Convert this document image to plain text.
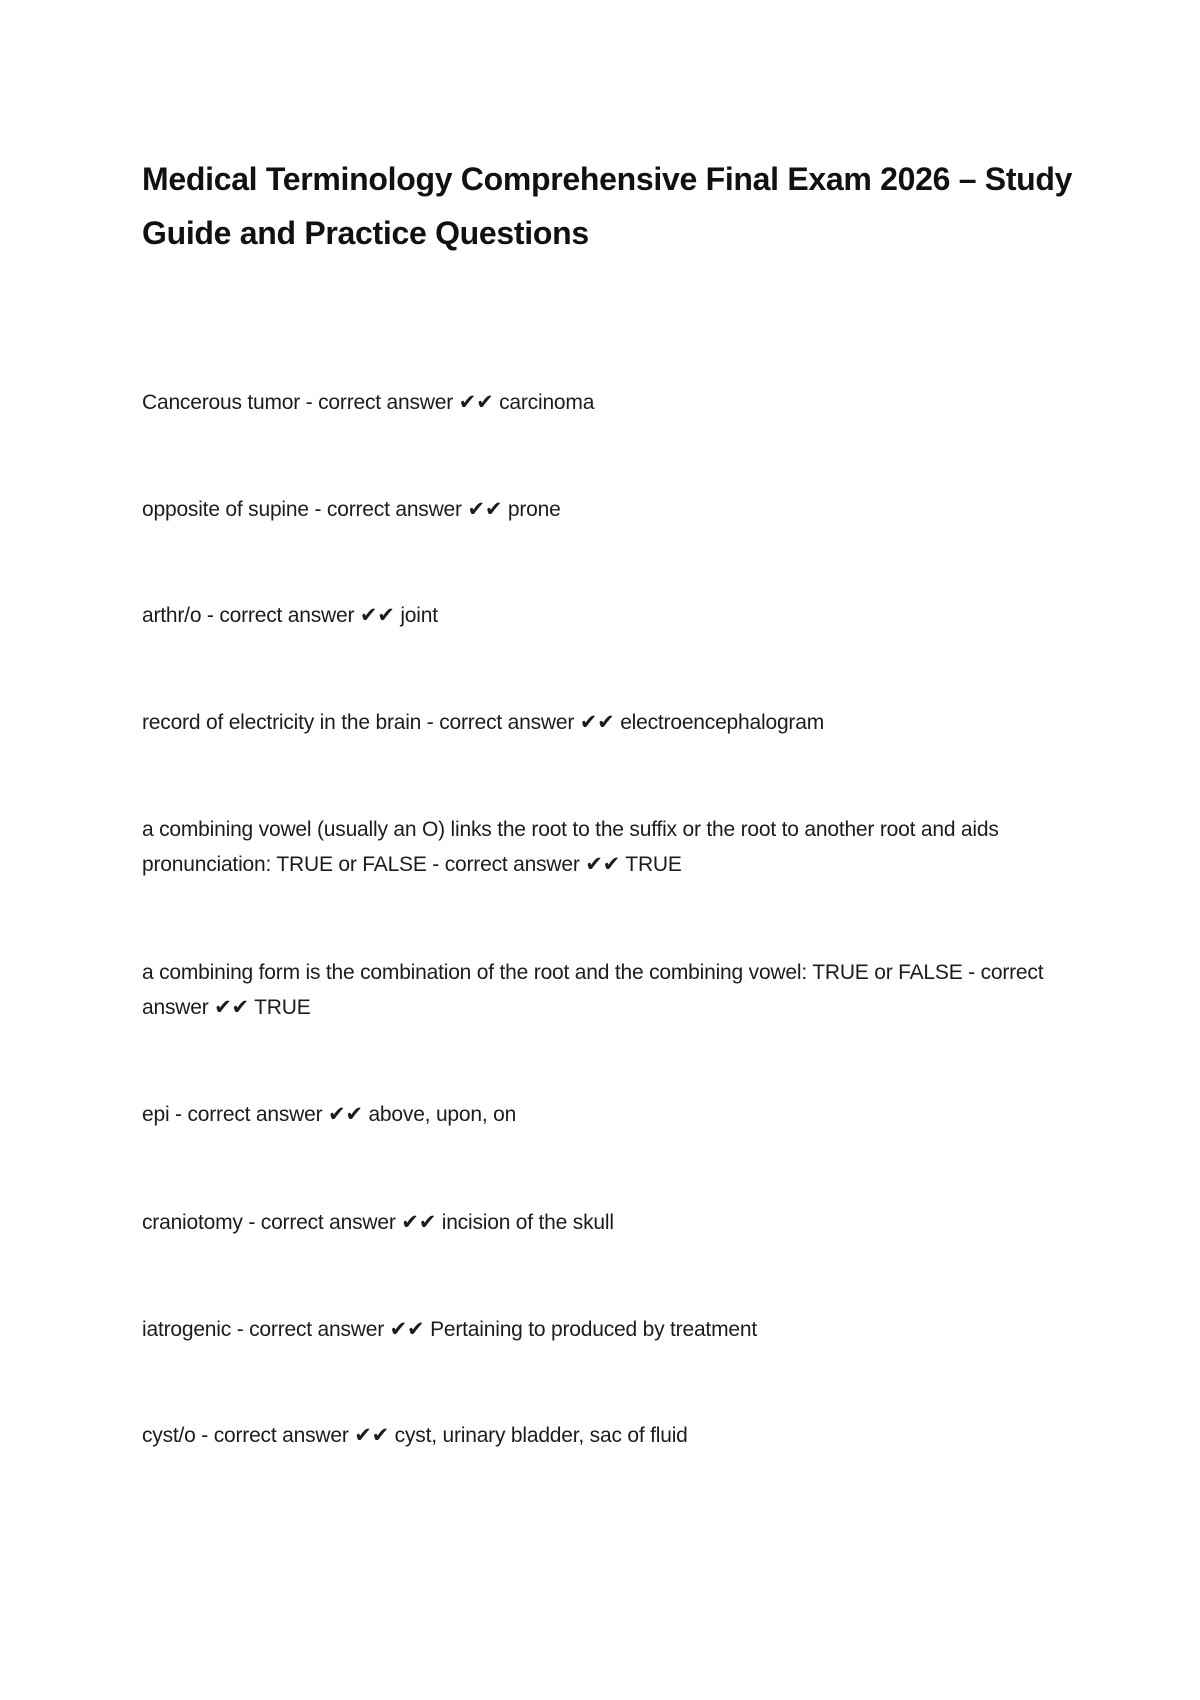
Medical Terminology Comprehensive Final Exam 2026 – Study Guide and Practice Questions

Cancerous tumor - correct answer ✔✔ carcinoma

opposite of supine - correct answer ✔✔ prone

arthr/o - correct answer ✔✔ joint

record of electricity in the brain - correct answer ✔✔ electroencephalogram

a combining vowel (usually an O) links the root to the suffix or the root to another root and aids pronunciation: TRUE or FALSE - correct answer ✔✔ TRUE

a combining form is the combination of the root and the combining vowel: TRUE or FALSE - correct answer ✔✔ TRUE

epi - correct answer ✔✔ above, upon, on

craniotomy - correct answer ✔✔ incision of the skull

iatrogenic - correct answer ✔✔ Pertaining to produced by treatment

cyst/o - correct answer ✔✔ cyst, urinary bladder, sac of fluid
